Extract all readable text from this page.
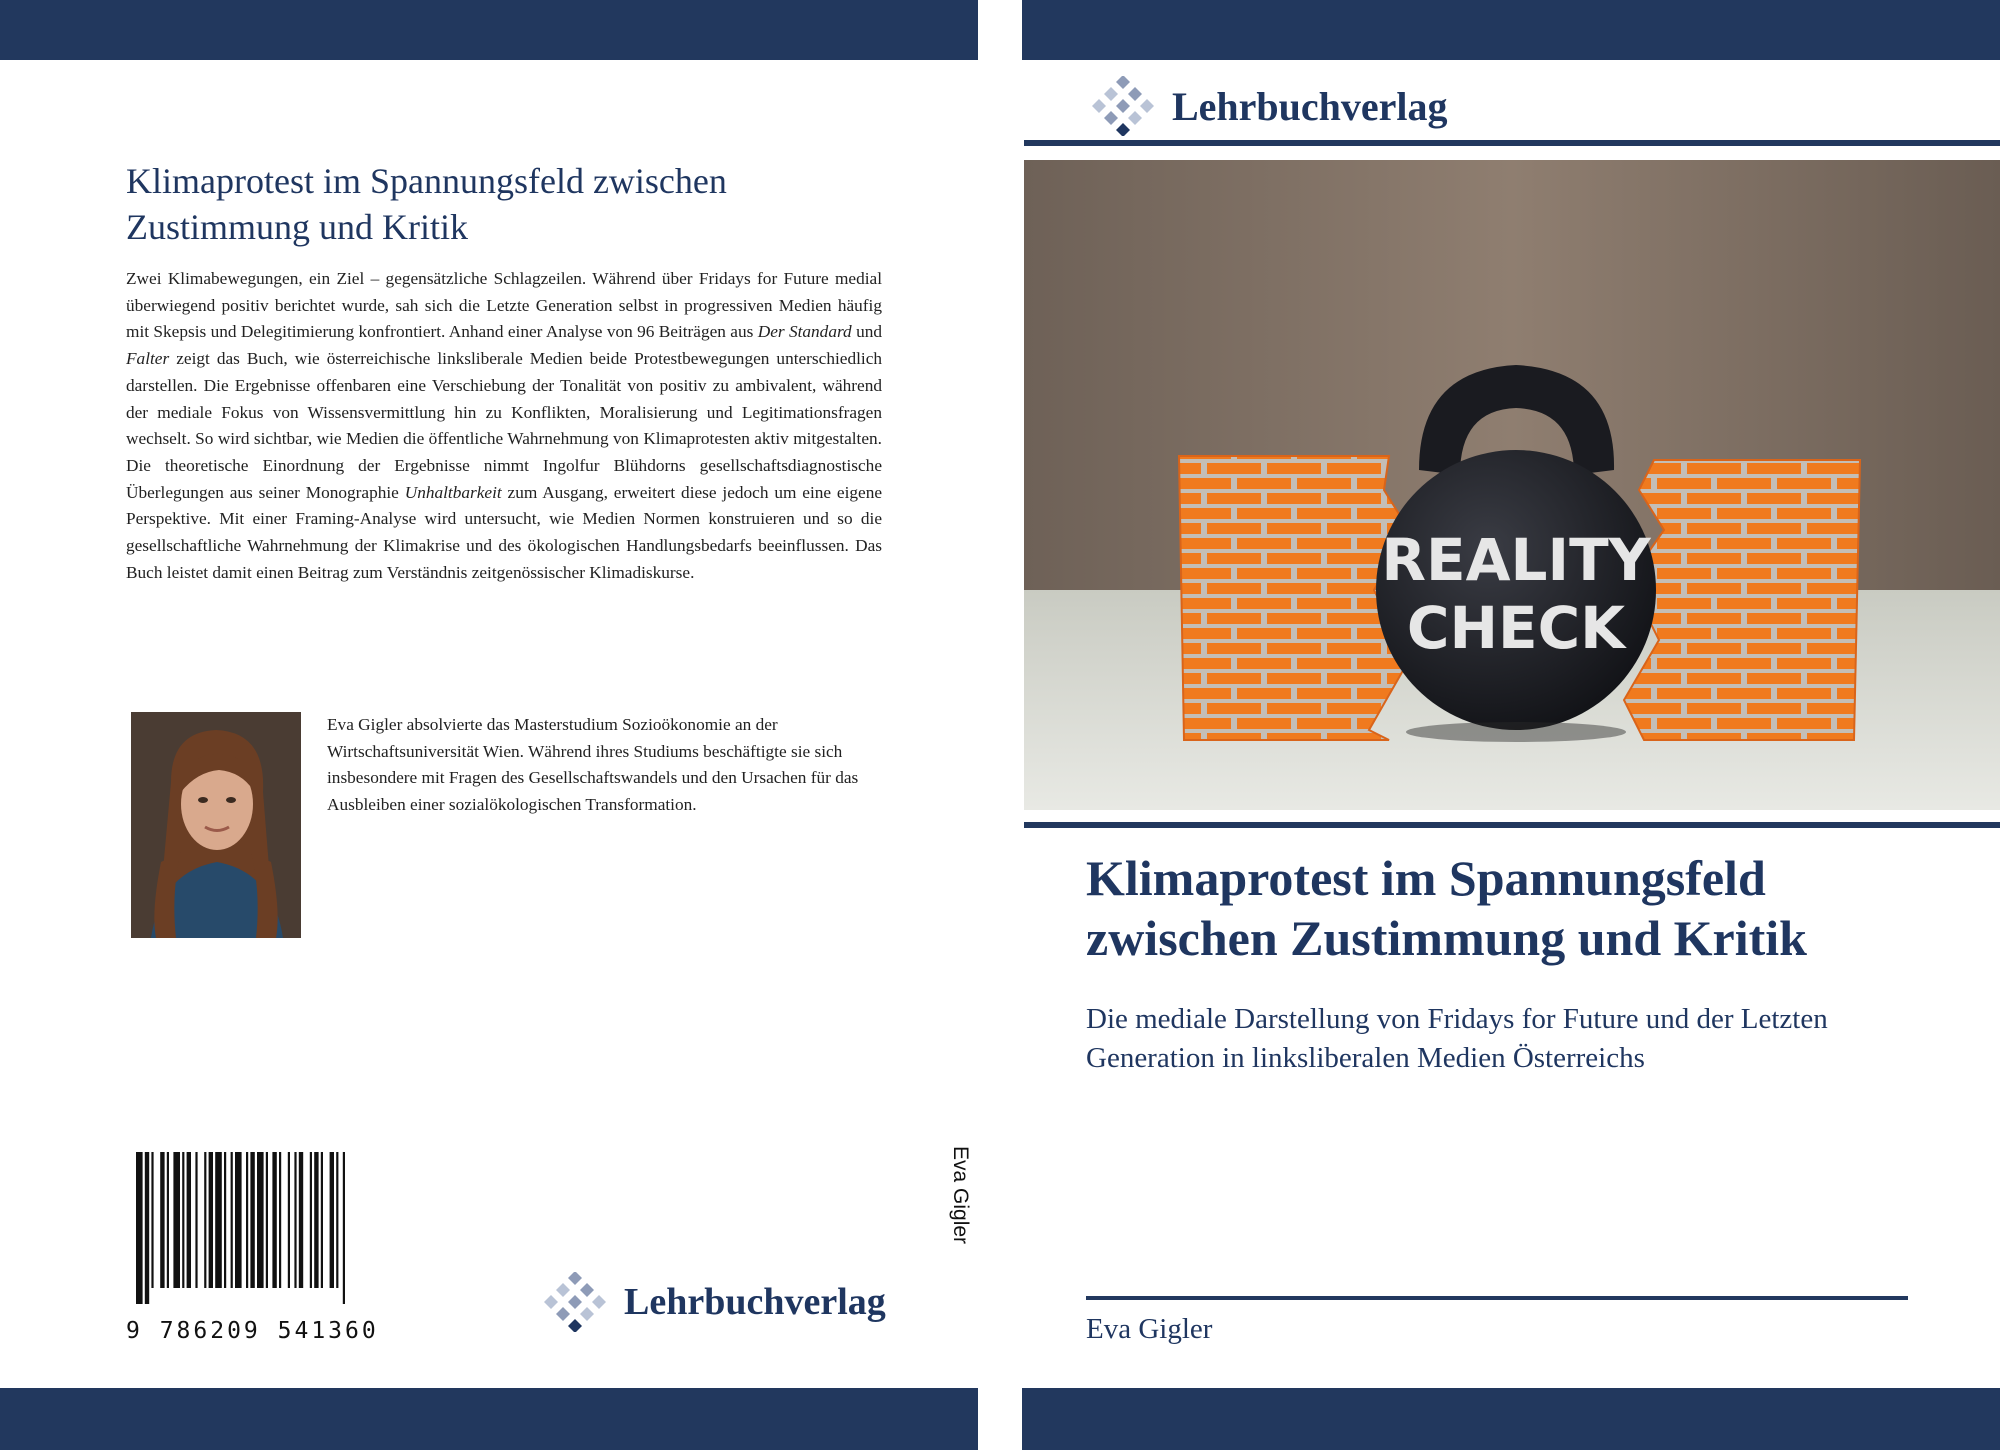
Klimaprotest im Spannungsfeld zwischen Zustimmung und Kritik

Zwei Klimabewegungen, ein Ziel – gegensätzliche Schlagzeilen. Während über Fridays for Future medial überwiegend positiv berichtet wurde, sah sich die Letzte Generation selbst in progressiven Medien häufig mit Skepsis und Delegitimierung konfrontiert. Anhand einer Analyse von 96 Beiträgen aus Der Standard und Falter zeigt das Buch, wie österreichische linksliberale Medien beide Protestbewegungen unterschiedlich darstellen. Die Ergebnisse offenbaren eine Verschiebung der Tonalität von positiv zu ambivalent, während der mediale Fokus von Wissensvermittlung hin zu Konflikten, Moralisierung und Legitimationsfragen wechselt. So wird sichtbar, wie Medien die öffentliche Wahrnehmung von Klimaprotesten aktiv mitgestalten. Die theoretische Einordnung der Ergebnisse nimmt Ingolfur Blühdorns gesellschaftsdiagnostische Überlegungen aus seiner Monographie Unhaltbarkeit zum Ausgang, erweitert diese jedoch um eine eigene Perspektive. Mit einer Framing-Analyse wird untersucht, wie Medien Normen konstruieren und so die gesellschaftliche Wahrnehmung der Klimakrise und des ökologischen Handlungsbedarfs beeinflussen. Das Buch leistet damit einen Beitrag zum Verständnis zeitgenössischer Klimadiskurse.

Eva Gigler absolvierte das Masterstudium Sozioökonomie an der Wirtschaftsuniversität Wien. Während ihres Studiums beschäftigte sie sich insbesondere mit Fragen des Gesellschaftswandels und den Ursachen für das Ausbleiben einer sozialökologischen Transformation.

9 786209 541360
Lehrbuchverlag
Eva Gigler
Lehrbuchverlag
REALITY
CHECK
Klimaprotest im Spannungsfeld zwischen Zustimmung und Kritik

Die mediale Darstellung von Fridays for Future und der Letzten Generation in linksliberalen Medien Österreichs

Eva Gigler
